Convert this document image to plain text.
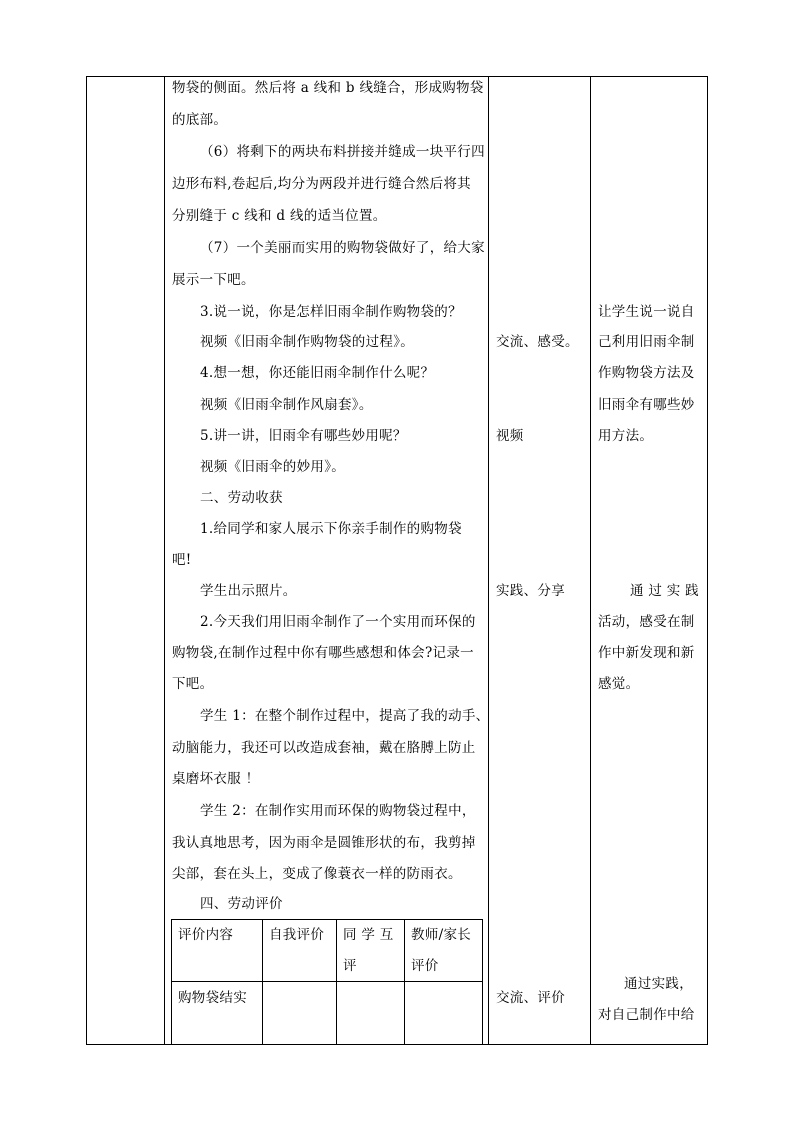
物袋的侧面。然后将 a 线和 b 线缝合，形成购物袋
的底部。
（6）将剩下的两块布料拼接并缝成一块平行四
边形布料,卷起后,均分为两段并进行缝合然后将其
分别缝于 c 线和 d 线的适当位置。
（7）一个美丽而实用的购物袋做好了，给大家
展示一下吧。
3.说一说，你是怎样旧雨伞制作购物袋的？
视频《旧雨伞制作购物袋的过程》。
4.想一想，你还能旧雨伞制作什么呢？
视频《旧雨伞制作风扇套》。
5.讲一讲，旧雨伞有哪些妙用呢？
视频《旧雨伞的妙用》。
二、劳动收获
1.给同学和家人展示下你亲手制作的购物袋
吧!
学生出示照片。
2.今天我们用旧雨伞制作了一个实用而环保的
购物袋,在制作过程中你有哪些感想和体会?记录一
下吧。
学生 1：在整个制作过程中，提高了我的动手、
动脑能力，我还可以改造成套袖，戴在胳膊上防止
桌磨坏衣服 ！
学生 2：在制作实用而环保的购物袋过程中，
我认真地思考，因为雨伞是圆锥形状的布，我剪掉
尖部，套在头上，变成了像蓑衣一样的防雨衣。
四、劳动评价
交流、感受。
视频
实践、分享
交流、评价
让学生说一说自
己利用旧雨伞制
作购物袋方法及
旧雨伞有哪些妙
用方法。
通 过 实 践
活动，感受在制
作中新发现和新
感觉。
通过实践，
对自己制作中给
评价内容	自我评价 同 学 互
评
教师/家长
评价
购物袋结实
